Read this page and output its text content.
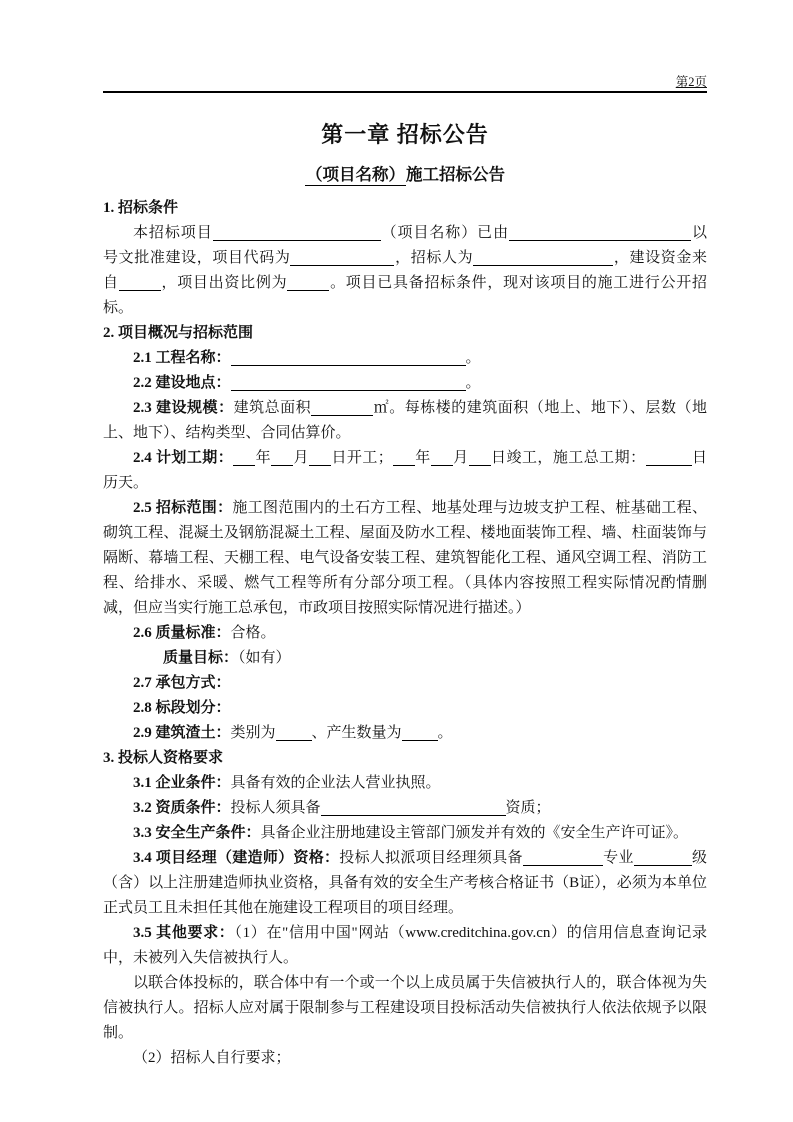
第2页
第一章 招标公告
（项目名称）施工招标公告
1. 招标条件

本招标项目	（项目名称）已由	以号文批准建设，项目代码为	，招标人为	，建设资金来自	，项目出资比例为	。项目已具备招标条件，现对该项目的施工进行公开招标。

2. 项目概况与招标范围

2.1 工程名称：	。

2.2 建设地点：	。

2.3 建设规模：建筑总面积	㎡。每栋楼的建筑面积（地上、地下）、层数（地上、地下）、结构类型、合同估算价。

2.4 计划工期： 年 月 日开工； 年 月 日竣工，施工总工期：	日历天。

2.5 招标范围：施工图范围内的土石方工程、地基处理与边坡支护工程、桩基础工程、砌筑工程、混凝土及钢筋混凝土工程、屋面及防水工程、楼地面装饰工程、墙、柱面装饰与隔断、幕墙工程、天棚工程、电气设备安装工程、建筑智能化工程、通风空调工程、消防工程、给排水、采暖、燃气工程等所有分部分项工程。（具体内容按照工程实际情况酌情删减，但应当实行施工总承包，市政项目按照实际情况进行描述。）

2.6 质量标准：合格。

质量目标：（如有）

2.7 承包方式：

2.8 标段划分：

2.9 建筑渣土：类别为 、产生数量为 。

3. 投标人资格要求

3.1 企业条件：具备有效的企业法人营业执照。

3.2 资质条件：投标人须具备	资质；

3.3 安全生产条件：具备企业注册地建设主管部门颁发并有效的《安全生产许可证》。

3.4 项目经理（建造师）资格：投标人拟派项目经理须具备	专业	级（含）以上注册建造师执业资格，具备有效的安全生产考核合格证书（B证），必须为本单位正式员工且未担任其他在施建设工程项目的项目经理。

3.5 其他要求：（1）在"信用中国"网站（www.creditchina.gov.cn）的信用信息查询记录中，未被列入失信被执行人。

以联合体投标的，联合体中有一个或一个以上成员属于失信被执行人的，联合体视为失信被执行人。招标人应对属于限制参与工程建设项目投标活动失信被执行人依法依规予以限制。

（2）招标人自行要求；
